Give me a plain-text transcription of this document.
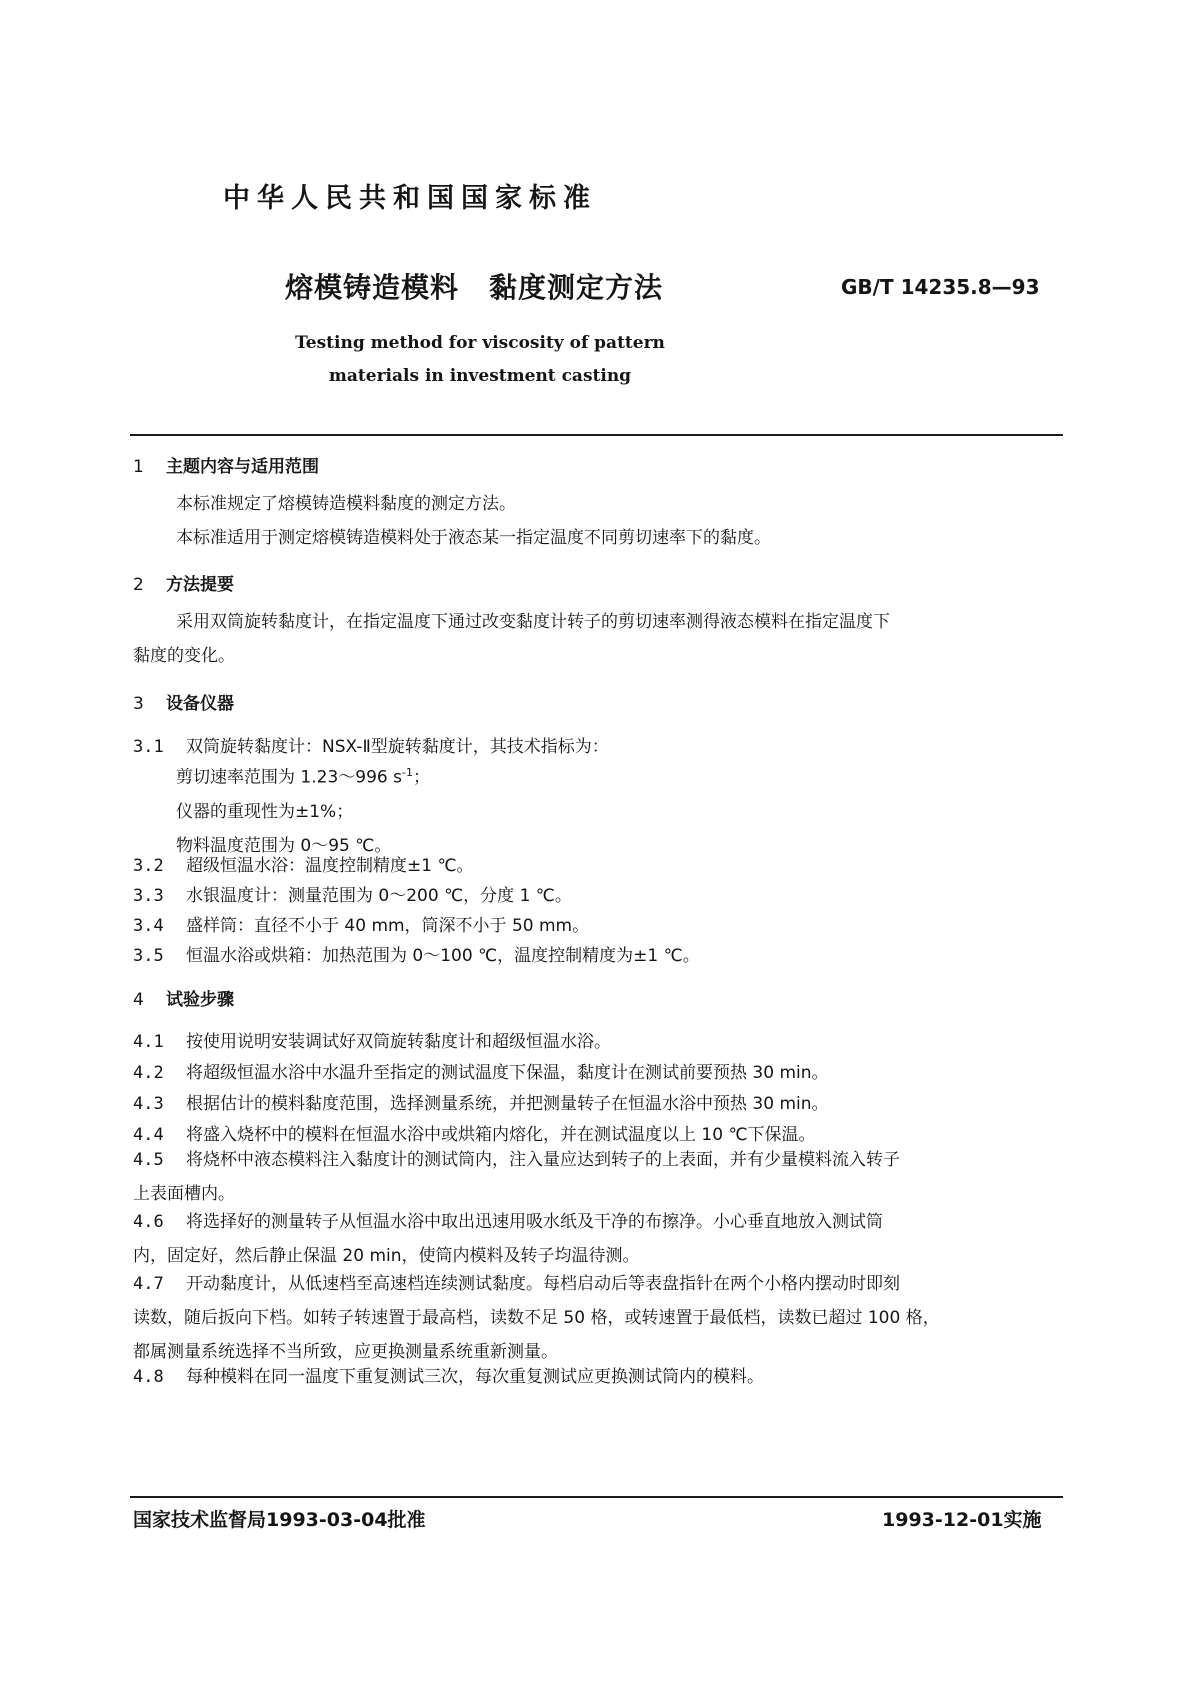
中华人民共和国国家标准
熔模铸造模料 黏度测定方法	GB/T 14235.8—93
Testing method for viscosity of pattern
materials in investment casting
1 主题内容与适用范围
本标准规定了熔模铸造模料黏度的测定方法。
本标准适用于测定熔模铸造模料处于液态某一指定温度不同剪切速率下的黏度。
2 方法提要
采用双筒旋转黏度计，在指定温度下通过改变黏度计转子的剪切速率测得液态模料在指定温度下
黏度的变化。
3 设备仪器
3.1 双筒旋转黏度计：NSX-Ⅱ型旋转黏度计，其技术指标为：
剪切速率范围为 1.23～996 $s^{-1}$；
仪器的重现性为±1%；
物料温度范围为 0～95 ℃。
3.2 超级恒温水浴：温度控制精度±1 ℃。
3.3 水银温度计：测量范围为 0～200 ℃，分度 1 ℃。
3.4 盛样筒：直径不小于 40 mm，筒深不小于 50 mm。
3.5 恒温水浴或烘箱：加热范围为 0～100 ℃，温度控制精度为±1 ℃。
4 试验步骤
4.1 按使用说明安装调试好双筒旋转黏度计和超级恒温水浴。
4.2 将超级恒温水浴中水温升至指定的测试温度下保温，黏度计在测试前要预热 30 min。
4.3 根据估计的模料黏度范围，选择测量系统，并把测量转子在恒温水浴中预热 30 min。
4.4 将盛入烧杯中的模料在恒温水浴中或烘箱内熔化，并在测试温度以上 10 ℃下保温。
4.5 将烧杯中液态模料注入黏度计的测试筒内，注入量应达到转子的上表面，并有少量模料流入转子
上表面槽内。
4.6 将选择好的测量转子从恒温水浴中取出迅速用吸水纸及干净的布擦净。小心垂直地放入测试筒
内，固定好，然后静止保温 20 min，使筒内模料及转子均温待测。
4.7 开动黏度计，从低速档至高速档连续测试黏度。每档启动后等表盘指针在两个小格内摆动时即刻
读数，随后扳向下档。如转子转速置于最高档，读数不足 50 格，或转速置于最低档，读数已超过 100 格，
都属测量系统选择不当所致，应更换测量系统重新测量。
4.8 每种模料在同一温度下重复测试三次，每次重复测试应更换测试筒内的模料。
国家技术监督局1993-03-04批准	1993-12-01实施
